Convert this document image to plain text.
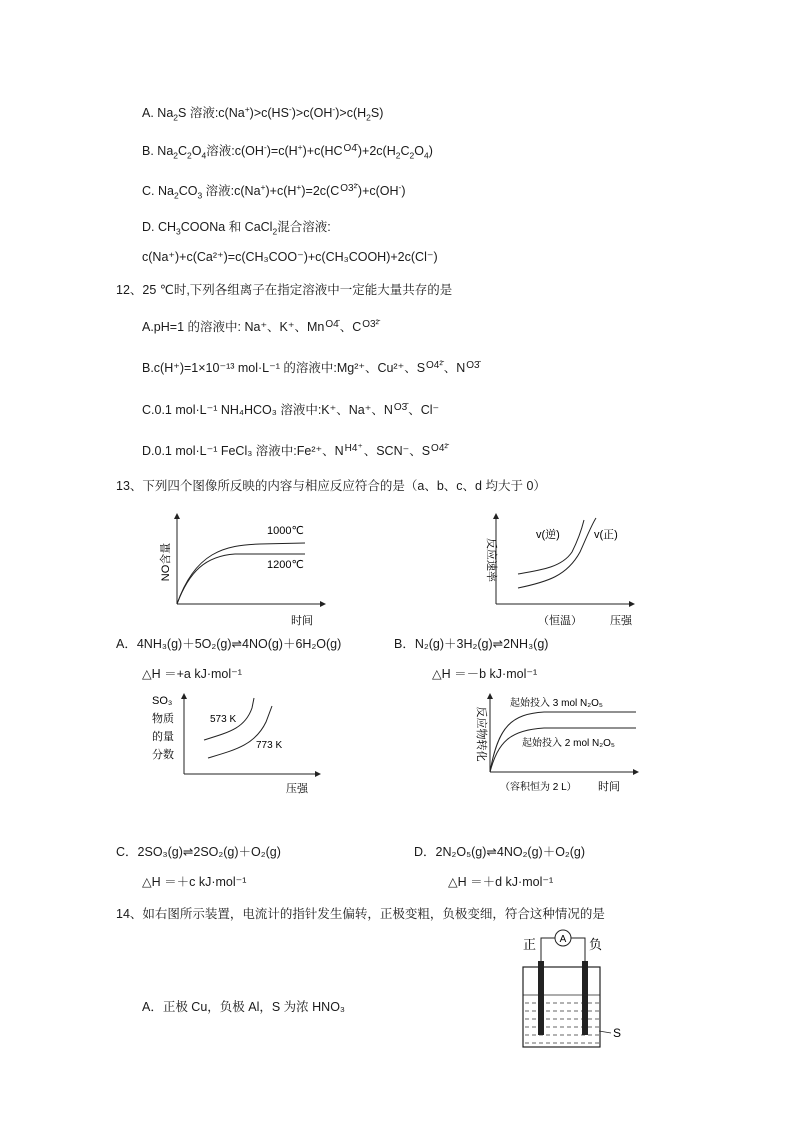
A. $Na_2S$ 溶液$:c(Na^+)>c(HS^-)>c(OH^-)>c(H_2S)$
B. $Na_2C_2O_4$溶液$:c(OH^-)=c(H^+)+c(HC^{O4̄})+2c(H_2C_2O_4)$
C. $Na_2CO_3$ 溶液$:c(Na^+)+c(H^+)=2c(C^{O3^2̄})+c(OH^-)$
D. $CH_3COONa$ 和 CaCl$_2$混合溶液:
c(Na⁺)+c(Ca²⁺)=c(CH₃COO⁻)+c(CH₃COOH)+2c(Cl⁻)
12、25 ℃时,下列各组离子在指定溶液中一定能大量共存的是
A.pH=1 的溶液中: Na⁺、K⁺、$Mn^{O4̄}$、$C^{O3^2̄}$
B.c(H⁺)=1×10⁻¹³ mol·L⁻¹ 的溶液中:Mg²⁺、Cu²⁺、$S^{O4^2̄}$、$N^{O3̄}$
C.0.1 mol·L⁻¹ NH₄HCO₃ 溶液中:K⁺、Na⁺、$N^{O3̄}$、Cl⁻
D.0.1 mol·L⁻¹ FeCl₃ 溶液中:Fe²⁺、$N^{H4^+}$、SCN⁻、$S^{O4^2̄}$
13、下列四个图像所反映的内容与相应反应符合的是（a、b、c、d 均大于 0）
1000℃
1200℃
时间
NO含量
v(逆)	v(正)
（恒温）	压强
反应速率
A．4NH₃(g)＋5O₂(g)⇌4NO(g)＋6H₂O(g)	B．N₂(g)＋3H₂(g)⇌2NH₃(g)
△H ＝+a kJ·mol⁻¹	△H ＝－b kJ·mol⁻¹
573 K
773 K
SO₃
物质
的量
分数
压强
起始投入 3 mol N₂O₅
起始投入 2 mol N₂O₅
（容积恒为 2 L） 时间
反应物转化
C．2SO₃(g)⇌2SO₂(g)＋O₂(g)	D．2N₂O₅(g)⇌4NO₂(g)＋O₂(g)
△H ＝＋c kJ·mol⁻¹	△H ＝＋d kJ·mol⁻¹
14、如右图所示装置，电流计的指针发生偏转，正极变粗，负极变细，符合这种情况的是
正	负
A
S
A．正极 Cu，负极 Al，S 为浓 HNO₃
